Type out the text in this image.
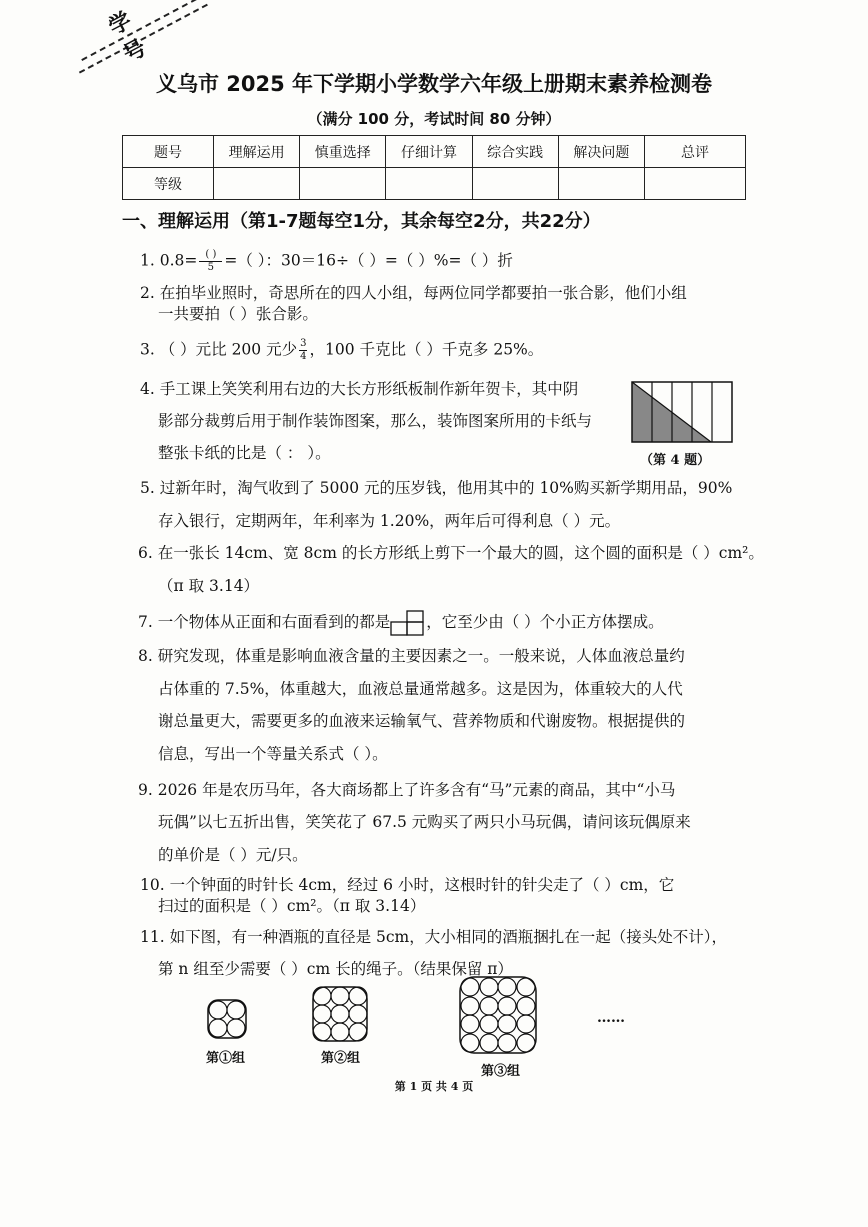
学号
义乌市 2025 年下学期小学数学六年级上册期末素养检测卷
（满分 100 分，考试时间 80 分钟）
题号	理解运用	慎重选择	仔细计算	综合实践	解决问题	总评
等级						
一、理解运用（第1-7题每空1分，其余每空2分，共22分）
1. $0.8= \frac{( )}{5}$ =（ ）：30＝16÷（ ）=（ ）%=（ ）折
2. 在拍毕业照时，奇思所在的四人小组，每两位同学都要拍一张合影，他们小组
一共要拍（ ）张合影。
3. （ ）元比 200 元少 $\frac{3}{4}$ ，100 千克比（ ）千克多 25%。
4. 手工课上笑笑利用右边的大长方形纸板制作新年贺卡，其中阴
影部分裁剪后用于制作装饰图案，那么，装饰图案所用的卡纸与
整张卡纸的比是（ ： ）。	（第 4 题）
5. 过新年时，淘气收到了 5000 元的压岁钱，他用其中的 10%购买新学期用品，90%
存入银行，定期两年，年利率为 1.20%，两年后可得利息（ ）元。
6. 在一张长 14cm、宽 8cm 的长方形纸上剪下一个最大的圆，这个圆的面积是（ ）cm²。
（π 取 3.14）
7. 一个物体从正面和右面看到的都是 ，它至少由（ ）个小正方体摆成。
8. 研究发现，体重是影响血液含量的主要因素之一。一般来说，人体血液总量约
占体重的 7.5%，体重越大，血液总量通常越多。这是因为，体重较大的人代
谢总量更大，需要更多的血液来运输氧气、营养物质和代谢废物。根据提供的
信息，写出一个等量关系式（ ）。
9. 2026 年是农历马年，各大商场都上了许多含有“马”元素的商品，其中“小马
玩偶”以七五折出售，笑笑花了 67.5 元购买了两只小马玩偶，请问该玩偶原来
的单价是（ ）元/只。
10. 一个钟面的时针长 4cm，经过 6 小时，这根时针的针尖走了（ ）cm，它
扫过的面积是（ ）cm²。（π 取 3.14）
11. 如下图，有一种酒瓶的直径是 5cm，大小相同的酒瓶捆扎在一起（接头处不计），
第 n 组至少需要（ ）cm 长的绳子。（结果保留 π）
第①组	第②组
第③组
……
第 1 页 共 4 页
